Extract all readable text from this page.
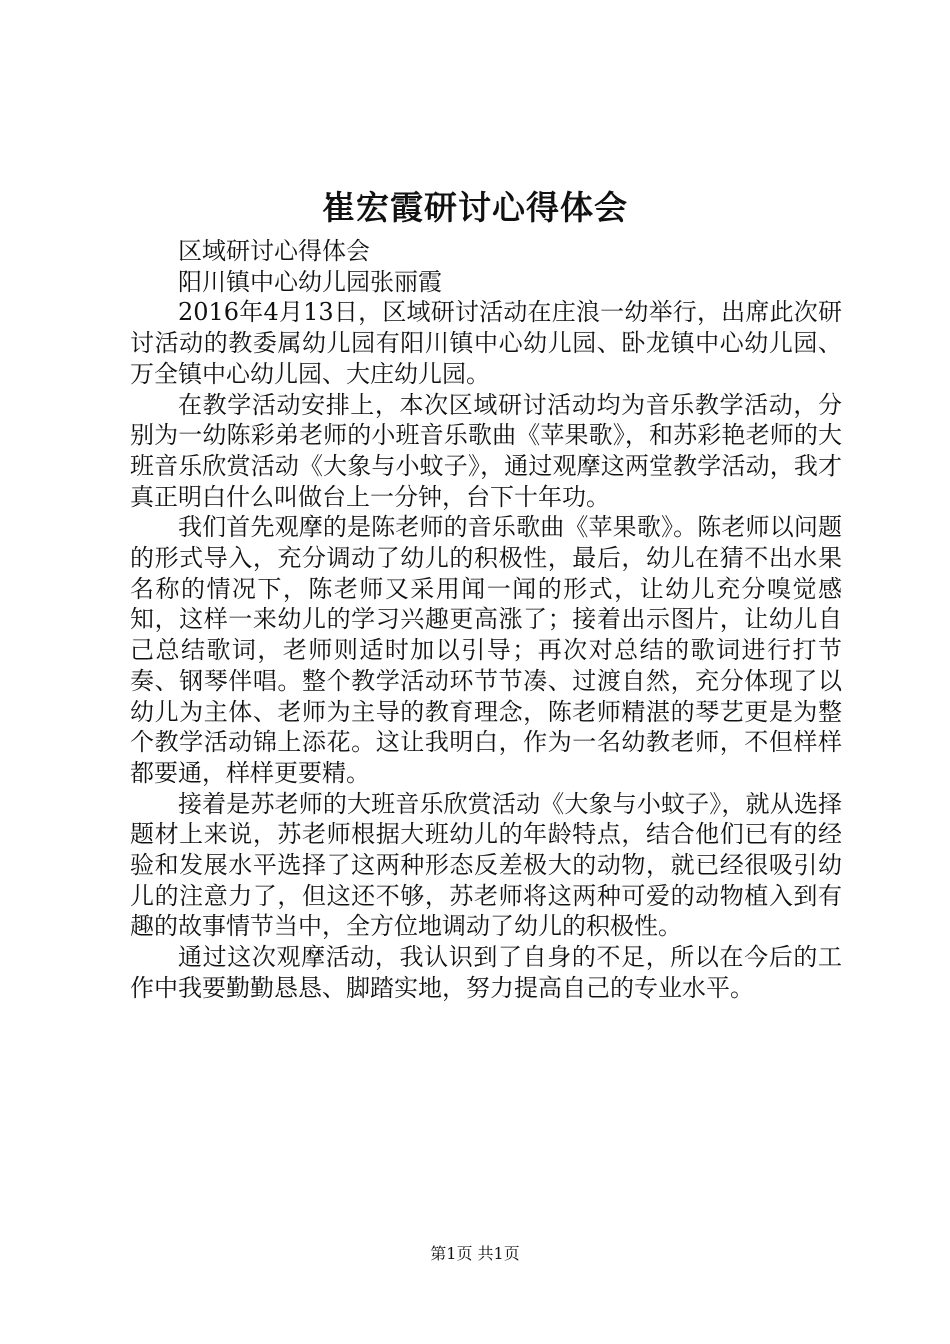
崔宏霞研讨心得体会

区域研讨心得体会

阳川镇中心幼儿园张丽霞

2016年4月13日，区域研讨活动在庄浪一幼举行，出席此次研讨活动的教委属幼儿园有阳川镇中心幼儿园、卧龙镇中心幼儿园、万全镇中心幼儿园、大庄幼儿园。

在教学活动安排上，本次区域研讨活动均为音乐教学活动，分别为一幼陈彩弟老师的小班音乐歌曲《苹果歌》，和苏彩艳老师的大班音乐欣赏活动《大象与小蚊子》，通过观摩这两堂教学活动，我才真正明白什么叫做台上一分钟，台下十年功。

我们首先观摩的是陈老师的音乐歌曲《苹果歌》。陈老师以问题的形式导入，充分调动了幼儿的积极性，最后，幼儿在猜不出水果名称的情况下，陈老师又采用闻一闻的形式，让幼儿充分嗅觉感知，这样一来幼儿的学习兴趣更高涨了；接着出示图片，让幼儿自己总结歌词，老师则适时加以引导；再次对总结的歌词进行打节奏、钢琴伴唱。整个教学活动环节节凑、过渡自然，充分体现了以幼儿为主体、老师为主导的教育理念，陈老师精湛的琴艺更是为整个教学活动锦上添花。这让我明白，作为一名幼教老师，不但样样都要通，样样更要精。

接着是苏老师的大班音乐欣赏活动《大象与小蚊子》，就从选择题材上来说，苏老师根据大班幼儿的年龄特点，结合他们已有的经验和发展水平选择了这两种形态反差极大的动物，就已经很吸引幼儿的注意力了，但这还不够，苏老师将这两种可爱的动物植入到有趣的故事情节当中，全方位地调动了幼儿的积极性。

通过这次观摩活动，我认识到了自身的不足，所以在今后的工作中我要勤勤恳恳、脚踏实地，努力提高自己的专业水平。

第1页 共1页
